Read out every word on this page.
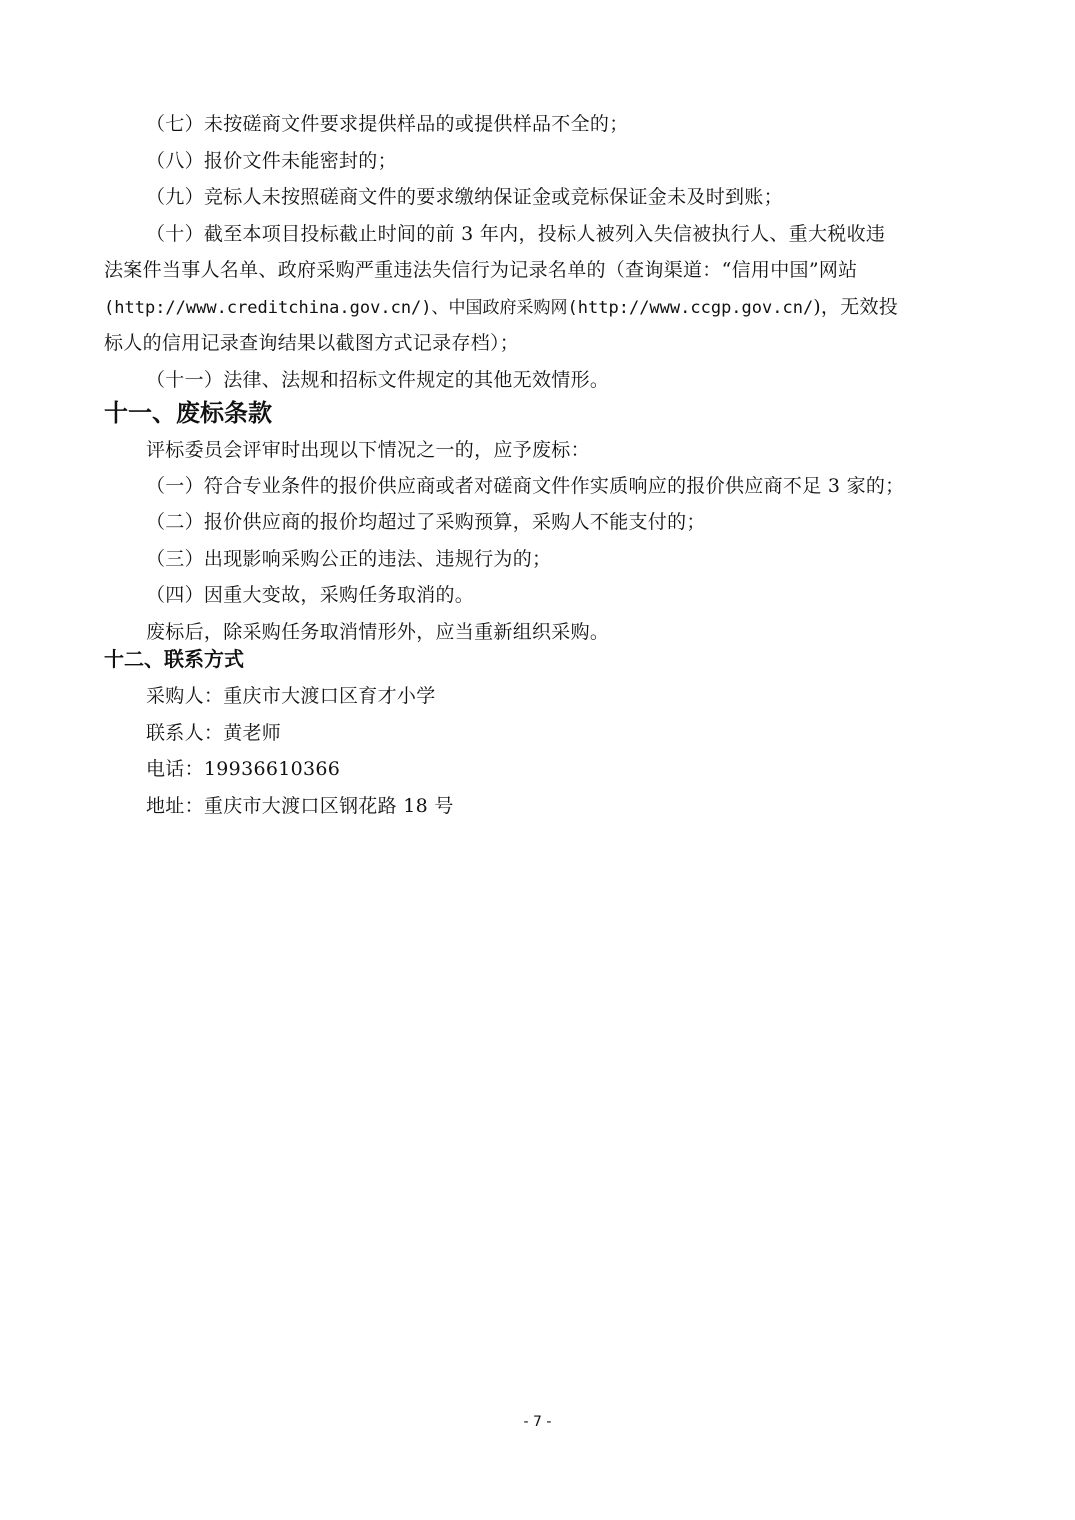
（七）未按磋商文件要求提供样品的或提供样品不全的；
（八）报价文件未能密封的；
（九）竞标人未按照磋商文件的要求缴纳保证金或竞标保证金未及时到账；
（十）截至本项目投标截止时间的前 3 年内，投标人被列入失信被执行人、重大税收违
法案件当事人名单、政府采购严重违法失信行为记录名单的（查询渠道：“信用中国”网站
(http://www.creditchina.gov.cn/)、中国政府采购网(http://www.ccgp.gov.cn/)，无效投
标人的信用记录查询结果以截图方式记录存档）；
（十一）法律、法规和招标文件规定的其他无效情形。
十一、废标条款
评标委员会评审时出现以下情况之一的，应予废标：
（一）符合专业条件的报价供应商或者对磋商文件作实质响应的报价供应商不足 3 家的；
（二）报价供应商的报价均超过了采购预算，采购人不能支付的；
（三）出现影响采购公正的违法、违规行为的；
（四）因重大变故，采购任务取消的。
废标后，除采购任务取消情形外，应当重新组织采购。
十二、联系方式
采购人：重庆市大渡口区育才小学
联系人：黄老师
电话：19936610366
地址：重庆市大渡口区钢花路 18 号
- 7 -
